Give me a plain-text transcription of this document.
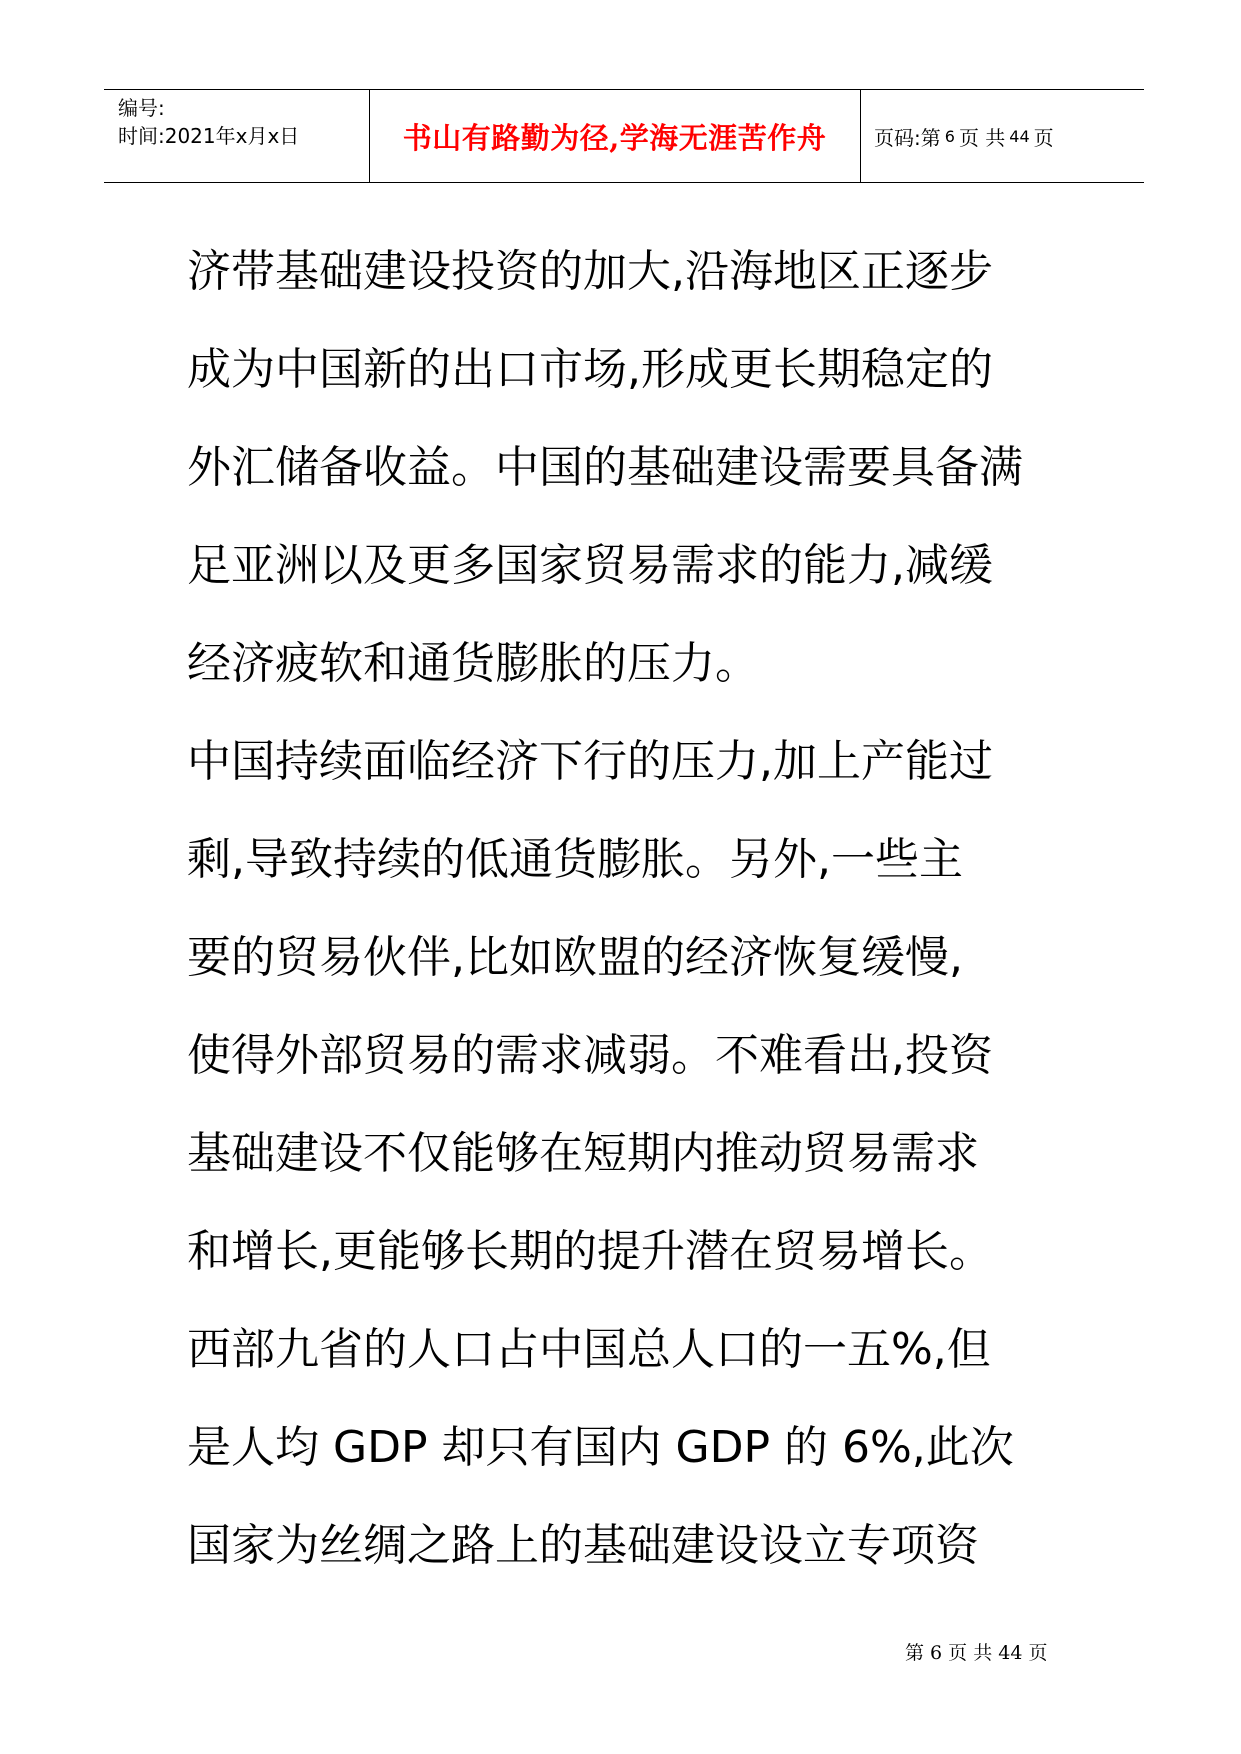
编号:
时间:2021年x月x日	书山有路勤为径,学海无涯苦作舟	页码:第 6 页 共 44 页
济带基础建设投资的加大,沿海地区正逐步
成为中国新的出口市场,形成更长期稳定的
外汇储备收益。中国的基础建设需要具备满
足亚洲以及更多国家贸易需求的能力,减缓
经济疲软和通货膨胀的压力。
中国持续面临经济下行的压力,加上产能过
剩,导致持续的低通货膨胀。另外,一些主
要的贸易伙伴,比如欧盟的经济恢复缓慢,
使得外部贸易的需求减弱。不难看出,投资
基础建设不仅能够在短期内推动贸易需求
和增长,更能够长期的提升潜在贸易增长。
西部九省的人口占中国总人口的一五%,但
是人均 GDP 却只有国内 GDP 的 6%,此次
国家为丝绸之路上的基础建设设立专项资
第 6 页 共 44 页
